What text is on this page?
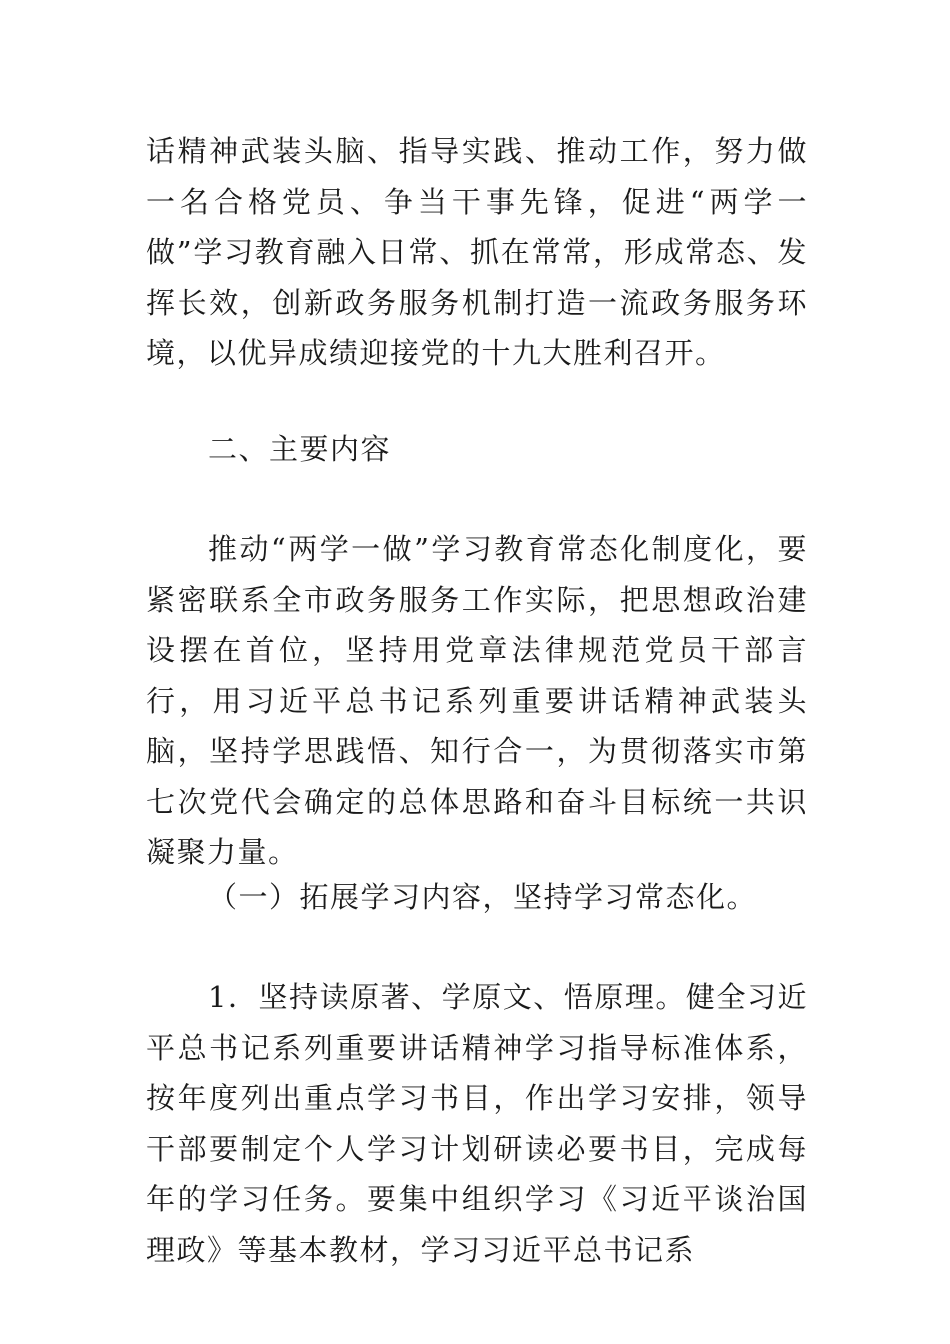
话精神武装头脑、指导实践、推动工作，努力做一名合格党员、争当干事先锋，促进“两学一做”学习教育融入日常、抓在常常，形成常态、发挥长效，创新政务服务机制打造一流政务服务环境，以优异成绩迎接党的十九大胜利召开。

二、主要内容

推动“两学一做”学习教育常态化制度化，要紧密联系全市政务服务工作实际，把思想政治建设摆在首位，坚持用党章法律规范党员干部言行，用习近平总书记系列重要讲话精神武装头脑，坚持学思践悟、知行合一，为贯彻落实市第七次党代会确定的总体思路和奋斗目标统一共识凝聚力量。

（一）拓展学习内容，坚持学习常态化。

1．坚持读原著、学原文、悟原理。健全习近平总书记系列重要讲话精神学习指导标准体系，按年度列出重点学习书目，作出学习安排，领导干部要制定个人学习计划研读必要书目，完成每年的学习任务。要集中组织学习《习近平谈治国理政》等基本教材，学习习近平总书记系
